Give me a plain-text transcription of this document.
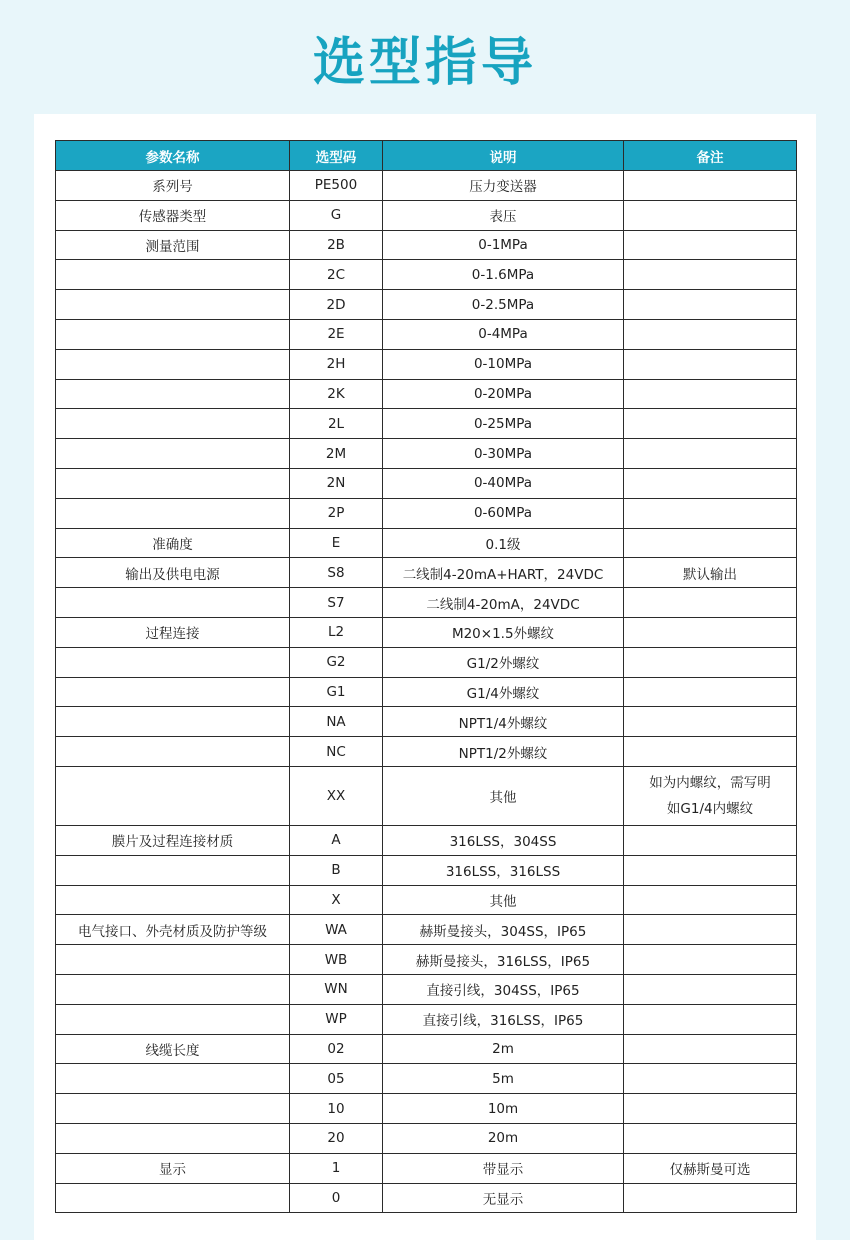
选型指导
参数名称	选型码	说明	备注
系列号	PE500	压力变送器	
传感器类型	G	表压	
测量范围	2B	0-1MPa	
	2C	0-1.6MPa	
	2D	0-2.5MPa	
	2E	0-4MPa	
	2H	0-10MPa	
	2K	0-20MPa	
	2L	0-25MPa	
	2M	0-30MPa	
	2N	0-40MPa	
	2P	0-60MPa	
准确度	E	0.1级	
输出及供电电源	S8	二线制4-20mA+HART，24VDC	默认输出
	S7	二线制4-20mA，24VDC	
过程连接	L2	M20×1.5外螺纹	
	G2	G1/2外螺纹	
	G1	G1/4外螺纹	
	NA	NPT1/4外螺纹	
	NC	NPT1/2外螺纹	
	XX	其他	如为内螺纹，需写明
如G1/4内螺纹

膜片及过程连接材质	A	316LSS，304SS	
	B	316LSS，316LSS	
	X	其他	
电气接口、外壳材质及防护等级	WA	赫斯曼接头，304SS，IP65	
	WB	赫斯曼接头，316LSS，IP65	
	WN	直接引线，304SS，IP65	
	WP	直接引线，316LSS，IP65	
线缆长度	02	2m	
	05	5m	
	10	10m	
	20	20m	
显示	1	带显示	仅赫斯曼可选
	0	无显示	
